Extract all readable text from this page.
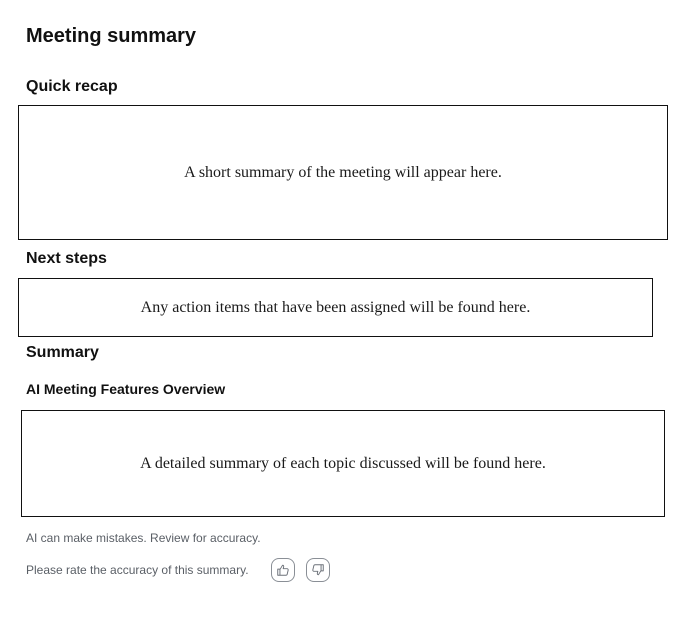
Meeting summary
Quick recap
A short summary of the meeting will appear here.
Next steps
Any action items that have been assigned will be found here.
Summary
AI Meeting Features Overview
A detailed summary of each topic discussed will be found here.
AI can make mistakes. Review for accuracy.
Please rate the accuracy of this summary.
